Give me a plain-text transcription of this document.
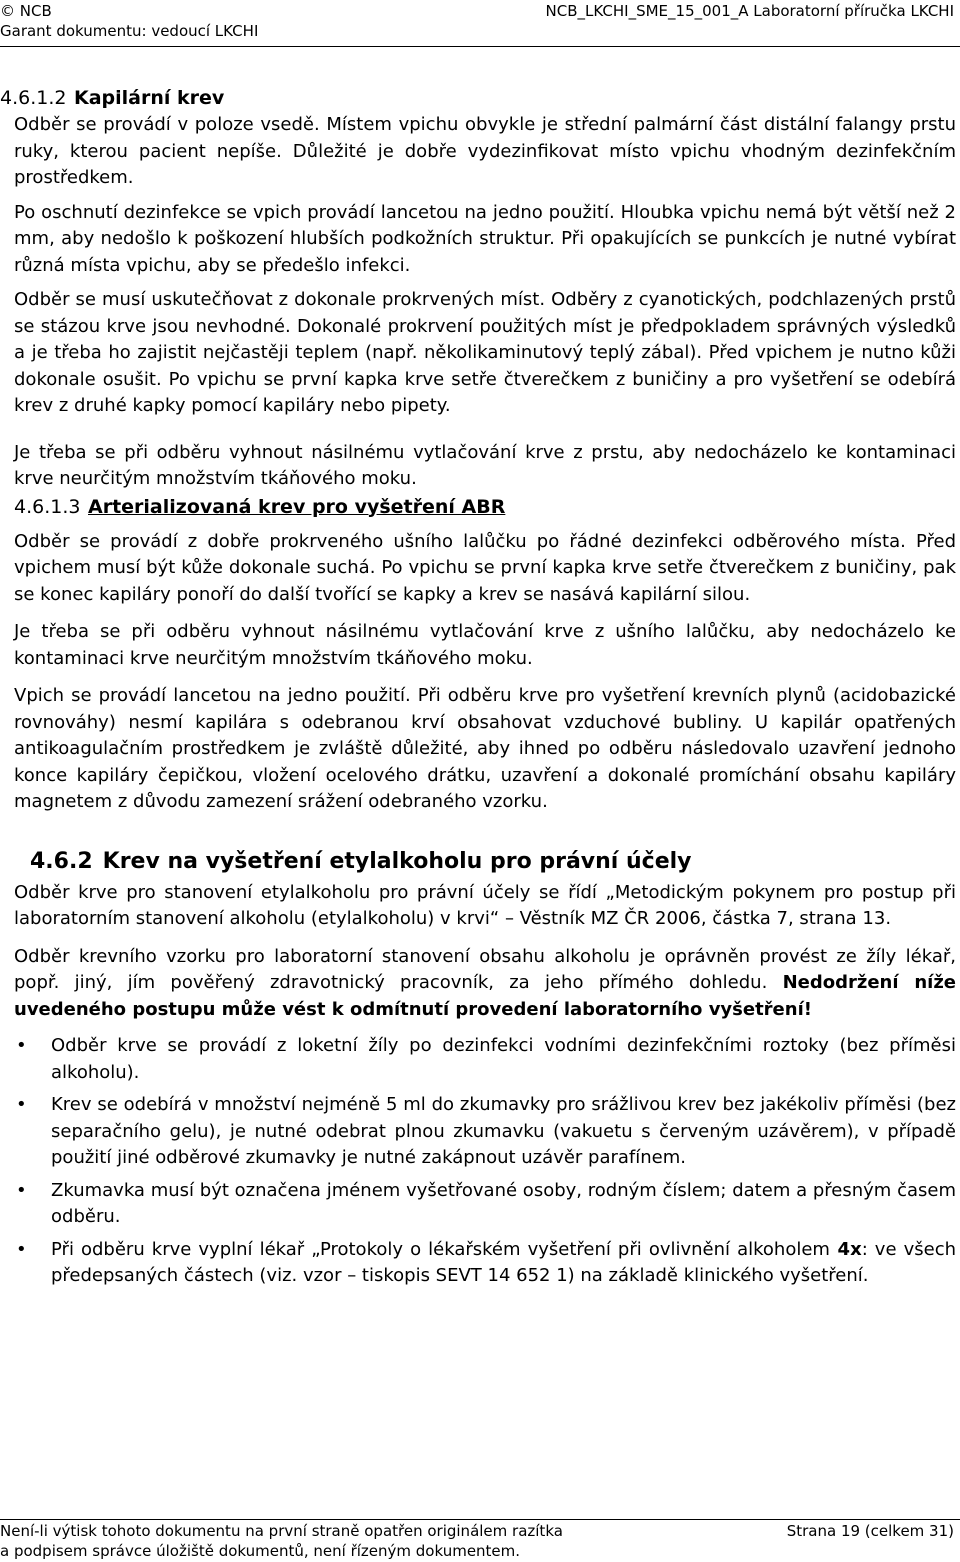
© NCB
Garant dokumentu: vedoucí LKCHI
NCB_LKCHI_SME_15_001_A Laboratorní příručka LKCHI
4.6.1.2 Kapilární krev

Odběr se provádí v poloze vsedě. Místem vpichu obvykle je střední palmární část distální falangy prstu ruky, kterou pacient nepíše. Důležité je dobře vydezinfikovat místo vpichu vhodným dezinfekčním prostředkem.

Po oschnutí dezinfekce se vpich provádí lancetou na jedno použití. Hloubka vpichu nemá být větší než 2 mm, aby nedošlo k poškození hlubších podkožních struktur. Při opakujících se punkcích je nutné vybírat různá místa vpichu, aby se předešlo infekci.

Odběr se musí uskutečňovat z dokonale prokrvených míst. Odběry z cyanotických, podchlazených prstů se stázou krve jsou nevhodné. Dokonalé prokrvení použitých míst je předpokladem správných výsledků a je třeba ho zajistit nejčastěji teplem (např. několikaminutový teplý zábal). Před vpichem je nutno kůži dokonale osušit. Po vpichu se první kapka krve setře čtverečkem z buničiny a pro vyšetření se odebírá krev z druhé kapky pomocí kapiláry nebo pipety.

Je třeba se při odběru vyhnout násilnému vytlačování krve z prstu, aby nedocházelo ke kontaminaci krve neurčitým množstvím tkáňového moku.

4.6.1.3 Arterializovaná krev pro vyšetření ABR

Odběr se provádí z dobře prokrveného ušního lalůčku po řádné dezinfekci odběrového místa. Před vpichem musí být kůže dokonale suchá. Po vpichu se první kapka krve setře čtverečkem z buničiny, pak se konec kapiláry ponoří do další tvořící se kapky a krev se nasává kapilární silou.

Je třeba se při odběru vyhnout násilnému vytlačování krve z ušního lalůčku, aby nedocházelo ke kontaminaci krve neurčitým množstvím tkáňového moku.

Vpich se provádí lancetou na jedno použití. Při odběru krve pro vyšetření krevních plynů (acidobazické rovnováhy) nesmí kapilára s odebranou krví obsahovat vzduchové bubliny. U kapilár opatřených antikoagulačním prostředkem je zvláště důležité, aby ihned po odběru následovalo uzavření jednoho konce kapiláry čepičkou, vložení ocelového drátku, uzavření a dokonalé promíchání obsahu kapiláry magnetem z důvodu zamezení srážení odebraného vzorku.

4.6.2 Krev na vyšetření etylalkoholu pro právní účely

Odběr krve pro stanovení etylalkoholu pro právní účely se řídí „Metodickým pokynem pro postup při laboratorním stanovení alkoholu (etylalkoholu) v krvi“ – Věstník MZ ČR 2006, částka 7, strana 13.

Odběr krevního vzorku pro laboratorní stanovení obsahu alkoholu je oprávněn provést ze žíly lékař, popř. jiný, jím pověřený zdravotnický pracovník, za jeho přímého dohledu. Nedodržení níže uvedeného postupu může vést k odmítnutí provedení laboratorního vyšetření!

• Odběr krve se provádí z loketní žíly po dezinfekci vodními dezinfekčními roztoky (bez příměsi alkoholu).
• Krev se odebírá v množství nejméně 5 ml do zkumavky pro srážlivou krev bez jakékoliv příměsi (bez separačního gelu), je nutné odebrat plnou zkumavku (vakuetu s červeným uzávěrem), v případě použití jiné odběrové zkumavky je nutné zakápnout uzávěr parafínem.
• Zkumavka musí být označena jménem vyšetřované osoby, rodným číslem; datem a přesným časem odběru.
• Při odběru krve vyplní lékař „Protokoly o lékařském vyšetření při ovlivnění alkoholem 4x: ve všech předepsaných částech (viz. vzor – tiskopis SEVT 14 652 1) na základě klinického vyšetření.
Není-li výtisk tohoto dokumentu na první straně opatřen originálem razítka
a podpisem správce úložiště dokumentů, není řízeným dokumentem.
Strana 19 (celkem 31)
